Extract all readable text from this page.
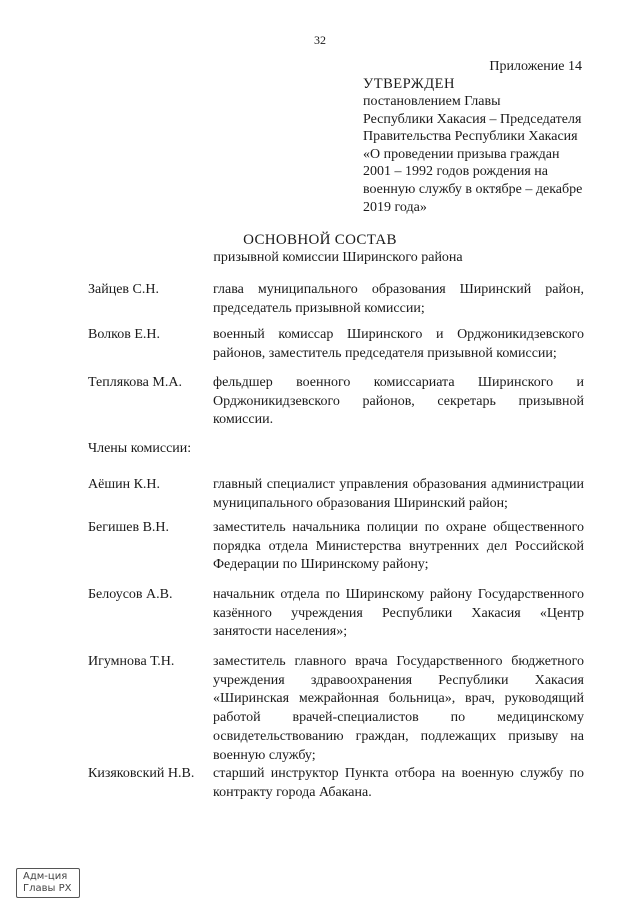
32
Приложение 14
УТВЕРЖДЕН
постановлением Главы
Республики Хакасия – Председателя
Правительства Республики Хакасия
«О проведении призыва граждан
2001 – 1992 годов рождения на
военную службу в октябре – декабре
2019 года»
ОСНОВНОЙ СОСТАВ
призывной комиссии Ширинского района
Зайцев С.Н.	глава муниципального образования Ширинский район,
председатель призывной комиссии;
Волков Е.Н.	военный комиссар Ширинского и Орджоникидзевского
районов, заместитель председателя призывной комиссии;
Теплякова М.А.	фельдшер военного комиссариата Ширинского и
Орджоникидзевского районов, секретарь призывной
комиссии.
Члены комиссии:
Аёшин К.Н.	главный специалист управления образования администрации
муниципального образования Ширинский район;
Бегишев В.Н.	заместитель начальника полиции по охране общественного
порядка отдела Министерства внутренних дел Российской
Федерации по Ширинскому району;
Белоусов А.В.	начальник отдела по Ширинскому району Государственного
казённого учреждения Республики Хакасия «Центр
занятости населения»;
Игумнова Т.Н.	заместитель главного врача Государственного бюджетного
учреждения здравоохранения Республики Хакасия
«Ширинская межрайонная больница», врач, руководящий
работой врачей-специалистов по медицинскому
освидетельствованию граждан, подлежащих призыву на
военную службу;
Кизяковский Н.В.	старший инструктор Пункта отбора на военную службу по
контракту города Абакана.
Адм-ция
Главы РХ
